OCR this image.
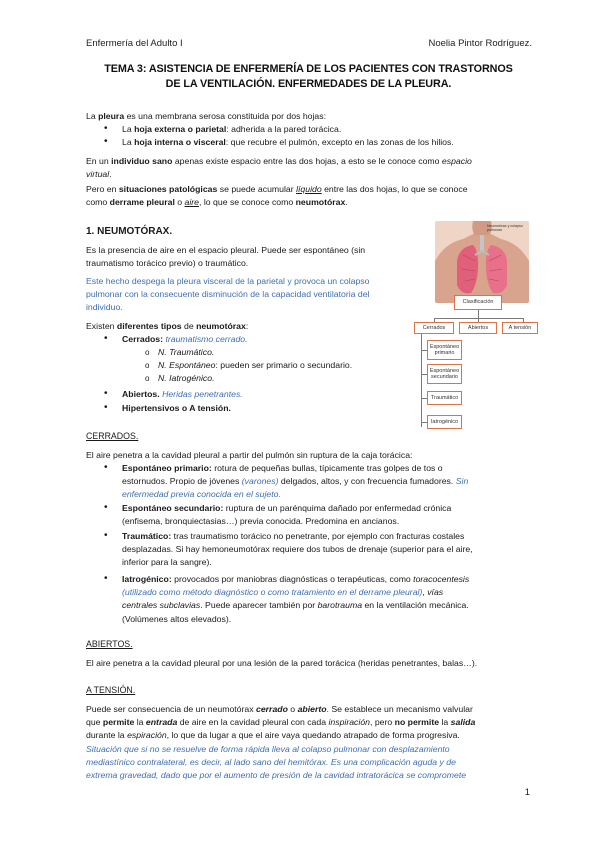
Enfermería del Adulto I	Noelia Pintor Rodríguez.
TEMA 3: ASISTENCIA DE ENFERMERÍA DE LOS PACIENTES CON TRASTORNOS
DE LA VENTILACIÓN. ENFERMEDADES DE LA PLEURA.
La pleura es una membrana serosa constituida por dos hojas:
• La hoja externa o parietal: adherida a la pared torácica.
• La hoja interna o visceral: que recubre el pulmón, excepto en las zonas de los hilios.
En un individuo sano apenas existe espacio entre las dos hojas, a esto se le conoce como espacio
virtual.
Pero en situaciones patológicas se puede acumular líquido entre las dos hojas, lo que se conoce
como derrame pleural o aire, lo que se conoce como neumotórax.
1. NEUMOTÓRAX.
Es la presencia de aire en el espacio pleural. Puede ser espontáneo (sin
traumatismo torácico previo) o traumático.
Este hecho despega la pleura visceral de la parietal y provoca un colapso
pulmonar con la consecuente disminución de la capacidad ventilatoria del
individuo.
Existen diferentes tipos de neumotórax:
• Cerrados: traumatismo cerrado.
o N. Traumático.
o N. Espontáneo: pueden ser primario o secundario.
o N. Iatrogénico.
• Abiertos. Heridas penetrantes.
• Hipertensivos o A tensión.
Neumotórax y colapso pulmonar
Clasificación
Cerrados	Abiertos	A tensión
Espontáneo primario
Espontáneo secundario
Traumático
Iatrogénico
CERRADOS.
El aire penetra a la cavidad pleural a partir del pulmón sin ruptura de la caja torácica:
• Espontáneo primario: rotura de pequeñas bullas, típicamente tras golpes de tos o
estornudos. Propio de jóvenes (varones) delgados, altos, y con frecuencia fumadores. Sin
enfermedad previa conocida en el sujeto.
• Espontáneo secundario: ruptura de un parénquima dañado por enfermedad crónica
(enfisema, bronquiectasias…) previa conocida. Predomina en ancianos.
• Traumático: tras traumatismo torácico no penetrante, por ejemplo con fracturas costales
desplazadas. Si hay hemoneumotórax requiere dos tubos de drenaje (superior para el aire,
inferior para la sangre).
• Iatrogénico: provocados por maniobras diagnósticas o terapéuticas, como toracocentesis
(utilizado como método diagnóstico o como tratamiento en el derrame pleural), vías
centrales subclavias. Puede aparecer también por barotrauma en la ventilación mecánica.
(Volúmenes altos elevados).
ABIERTOS.
El aire penetra a la cavidad pleural por una lesión de la pared torácica (heridas penetrantes, balas…).
A TENSIÓN.
Puede ser consecuencia de un neumotórax cerrado o abierto. Se establece un mecanismo valvular
que permite la entrada de aire en la cavidad pleural con cada inspiración, pero no permite la salida
durante la espiración, lo que da lugar a que el aire vaya quedando atrapado de forma progresiva.
Situación que si no se resuelve de forma rápida lleva al colapso pulmonar con desplazamiento
mediastínico contralateral, es decir, al lado sano del hemitórax. Es una complicación aguda y de
extrema gravedad, dado que por el aumento de presión de la cavidad intratorácica se compromete
1
